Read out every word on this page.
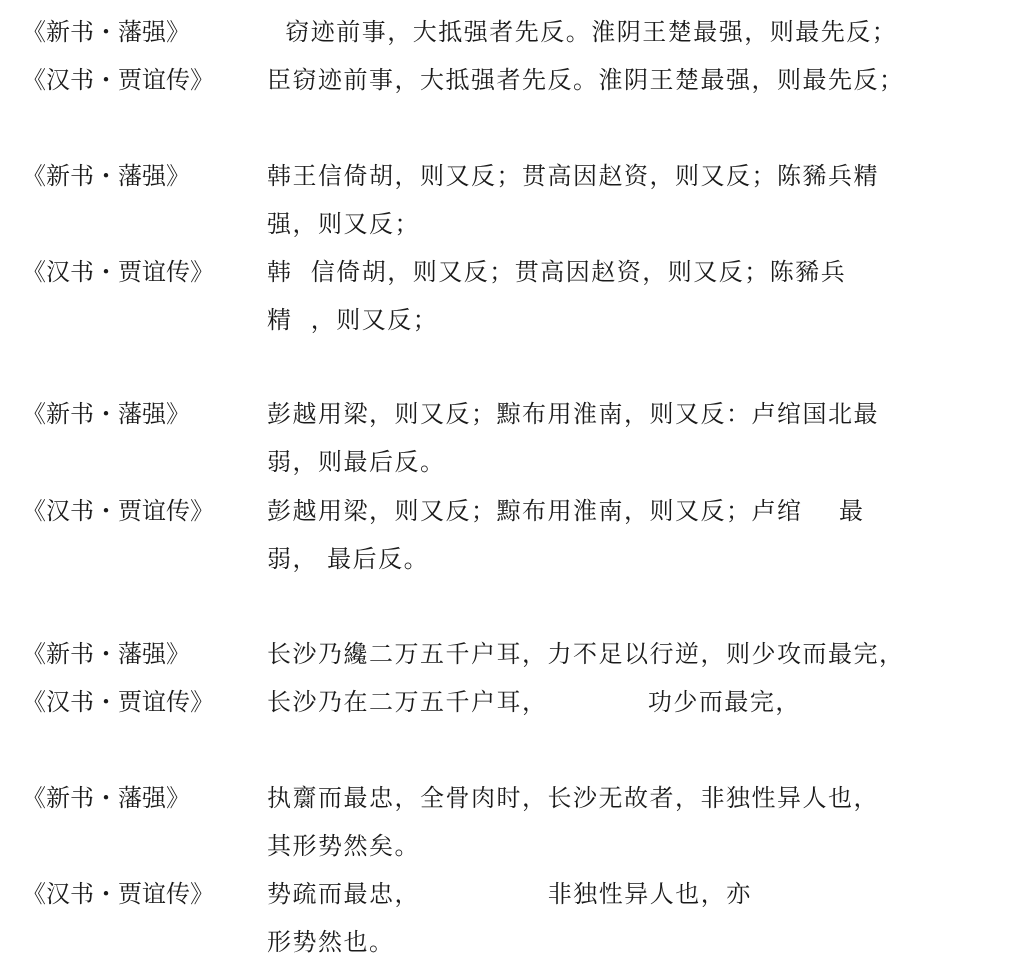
《新书・藩强》	窃迹前事，大抵强者先反。淮阴王楚最强，则最先反；
《汉书・贾谊传》 臣窃迹前事，大抵强者先反。淮阴王楚最强，则最先反；
《新书・藩强》	韩王信倚胡，则又反；贯高因赵资，则又反；陈豨兵精
强，则又反；
《汉书・贾谊传》 韩  信倚胡，则又反；贯高因赵资，则又反；陈豨兵
精  ，则又反；
《新书・藩强》	彭越用梁，则又反；黥布用淮南，则又反：卢绾国北最
弱，则最后反。
《汉书・贾谊传》 彭越用梁，则又反；黥布用淮南，则又反；卢绾    最
弱， 最后反。
《新书・藩强》	长沙乃纔二万五千户耳，力不足以行逆，则少攻而最完，
《汉书・贾谊传》 长沙乃在二万五千户耳，           功少而最完，
《新书・藩强》	执𪗋而最忠，全骨肉时，长沙无故者，非独性异人也，
其形势然矣。
《汉书・贾谊传》 势疏而最忠，              非独性异人也，亦
形势然也。
